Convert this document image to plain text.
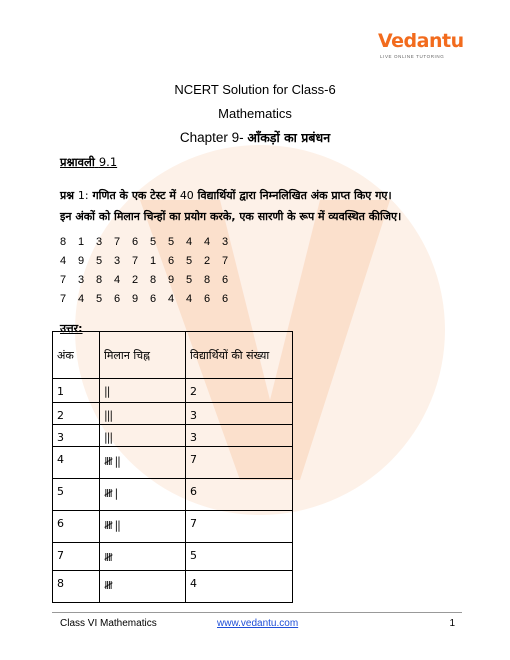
Vedantu
LIVE ONLINE TUTORING
NCERT Solution for Class-6
Mathematics
Chapter 9- आँकड़ों का प्रबंधन
प्रश्नावली 9.1
प्रश्न 1: गणित के एक टेस्ट में 40 विद्यार्थियों द्वारा निम्नलिखित अंक प्राप्त किए गए।
इन अंकों को मिलान चिन्हों का प्रयोग करके, एक सारणी के रूप में व्यवस्थित कीजिए।
8	1	3	7	6	5	5	4	4	3
4	9	5	3	7	1	6	5	2	7
7	3	8	4	2	8	9	5	8	6
7	4	5	6	9	6	4	4	6	6
उत्तर:
अंक	मिलान चिह्न	विद्यार्थियों की संख्या
1	||	2
2	|||	3
3	|||	3
4	𝍸 ||	7
5	𝍸 |	6
6	𝍸 ||	7
7	𝍸	5
8	𝍸	4
Class VI Mathematics	www.vedantu.com	1
